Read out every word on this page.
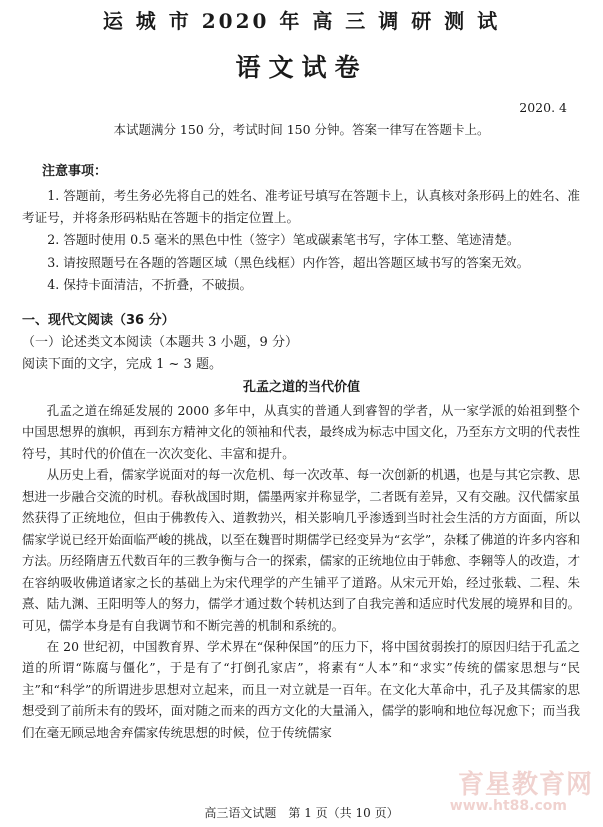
运 城 市 2020 年 高 三 调 研 测 试
语文试卷
2020. 4
本试题满分 150 分，考试时间 150 分钟。答案一律写在答题卡上。
注意事项：

1. 答题前，考生务必先将自己的姓名、准考证号填写在答题卡上，认真核对条形码上的姓名、准考证号，并将条形码粘贴在答题卡的指定位置上。

2. 答题时使用 0.5 毫米的黑色中性（签字）笔或碳素笔书写，字体工整、笔迹清楚。

3. 请按照题号在各题的答题区域（黑色线框）内作答，超出答题区域书写的答案无效。

4. 保持卡面清洁，不折叠，不破损。

一、现代文阅读（36 分）
（一）论述类文本阅读（本题共 3 小题，9 分）
阅读下面的文字，完成 1 ~ 3 题。
孔孟之道的当代价值

孔孟之道在绵延发展的 2000 多年中，从真实的普通人到睿智的学者，从一家学派的始祖到整个中国思想界的旗帜，再到东方精神文化的领袖和代表，最终成为标志中国文化，乃至东方文明的代表性符号，其时代的价值在一次次变化、丰富和提升。

从历史上看，儒家学说面对的每一次危机、每一次改革、每一次创新的机遇，也是与其它宗教、思想进一步融合交流的时机。春秋战国时期，儒墨两家并称显学，二者既有差异，又有交融。汉代儒家虽然获得了正统地位，但由于佛教传入、道教勃兴，相关影响几乎渗透到当时社会生活的方方面面，所以儒家学说已经开始面临严峻的挑战，以至在魏晋时期儒学已经变异为“玄学”，杂糅了佛道的许多内容和方法。历经隋唐五代数百年的三教争衡与合一的探索，儒家的正统地位由于韩愈、李翱等人的改造，才在容纳吸收佛道诸家之长的基础上为宋代理学的产生铺平了道路。从宋元开始，经过张载、二程、朱熹、陆九渊、王阳明等人的努力，儒学才通过数个转机达到了自我完善和适应时代发展的境界和目的。可见，儒学本身是有自我调节和不断完善的机制和系统的。

在 20 世纪初，中国教育界、学术界在“保种保国”的压力下，将中国贫弱挨打的原因归结于孔孟之道的所谓“陈腐与僵化”，于是有了“打倒孔家店”，将素有“人本”和“求实”传统的儒家思想与“民主”和“科学”的所谓进步思想对立起来，而且一对立就是一百年。在文化大革命中，孔子及其儒家的思想受到了前所未有的毁坏，面对随之而来的西方文化的大量涌入，儒学的影响和地位每况愈下；而当我们在毫无顾忌地舍弃儒家传统思想的时候，位于传统儒家

高三语文试题　第 1 页（共 10 页）
育星教育网
www.ht88.com
